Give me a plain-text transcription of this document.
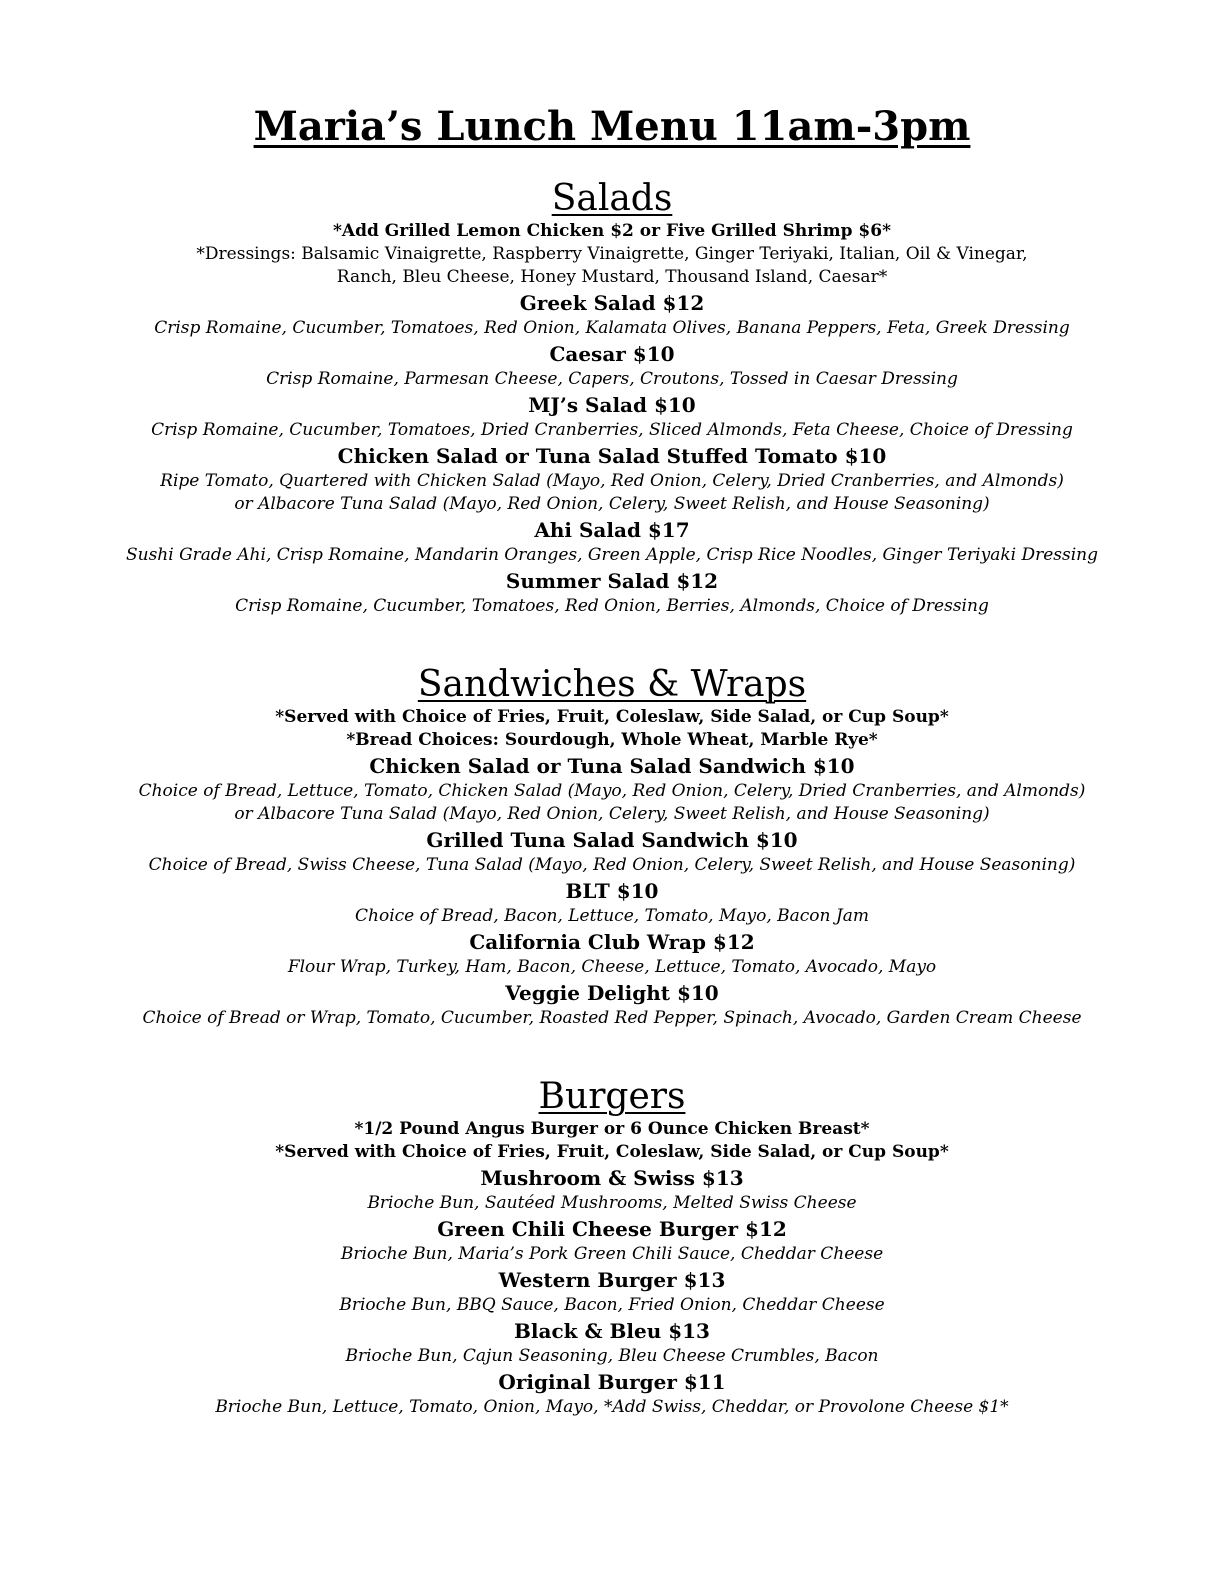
Maria’s Lunch Menu 11am-3pm
Salads

*Add Grilled Lemon Chicken $2 or Five Grilled Shrimp $6*

*Dressings: Balsamic Vinaigrette, Raspberry Vinaigrette, Ginger Teriyaki, Italian, Oil & Vinegar,

Ranch, Bleu Cheese, Honey Mustard, Thousand Island, Caesar*

Greek Salad $12

Crisp Romaine, Cucumber, Tomatoes, Red Onion, Kalamata Olives, Banana Peppers, Feta, Greek Dressing

Caesar $10

Crisp Romaine, Parmesan Cheese, Capers, Croutons, Tossed in Caesar Dressing

MJ’s Salad $10

Crisp Romaine, Cucumber, Tomatoes, Dried Cranberries, Sliced Almonds, Feta Cheese, Choice of Dressing

Chicken Salad or Tuna Salad Stuffed Tomato $10

Ripe Tomato, Quartered with Chicken Salad (Mayo, Red Onion, Celery, Dried Cranberries, and Almonds)
or Albacore Tuna Salad (Mayo, Red Onion, Celery, Sweet Relish, and House Seasoning)

Ahi Salad $17

Sushi Grade Ahi, Crisp Romaine, Mandarin Oranges, Green Apple, Crisp Rice Noodles, Ginger Teriyaki Dressing

Summer Salad $12

Crisp Romaine, Cucumber, Tomatoes, Red Onion, Berries, Almonds, Choice of Dressing

Sandwiches & Wraps

*Served with Choice of Fries, Fruit, Coleslaw, Side Salad, or Cup Soup*

*Bread Choices: Sourdough, Whole Wheat, Marble Rye*

Chicken Salad or Tuna Salad Sandwich $10

Choice of Bread, Lettuce, Tomato, Chicken Salad (Mayo, Red Onion, Celery, Dried Cranberries, and Almonds)
or Albacore Tuna Salad (Mayo, Red Onion, Celery, Sweet Relish, and House Seasoning)

Grilled Tuna Salad Sandwich $10

Choice of Bread, Swiss Cheese, Tuna Salad (Mayo, Red Onion, Celery, Sweet Relish, and House Seasoning)

BLT $10

Choice of Bread, Bacon, Lettuce, Tomato, Mayo, Bacon Jam

California Club Wrap $12

Flour Wrap, Turkey, Ham, Bacon, Cheese, Lettuce, Tomato, Avocado, Mayo

Veggie Delight $10

Choice of Bread or Wrap, Tomato, Cucumber, Roasted Red Pepper, Spinach, Avocado, Garden Cream Cheese

Burgers

*1/2 Pound Angus Burger or 6 Ounce Chicken Breast*

*Served with Choice of Fries, Fruit, Coleslaw, Side Salad, or Cup Soup*

Mushroom & Swiss $13

Brioche Bun, Sautéed Mushrooms, Melted Swiss Cheese

Green Chili Cheese Burger $12

Brioche Bun, Maria’s Pork Green Chili Sauce, Cheddar Cheese

Western Burger $13

Brioche Bun, BBQ Sauce, Bacon, Fried Onion, Cheddar Cheese

Black & Bleu $13

Brioche Bun, Cajun Seasoning, Bleu Cheese Crumbles, Bacon

Original Burger $11

Brioche Bun, Lettuce, Tomato, Onion, Mayo, *Add Swiss, Cheddar, or Provolone Cheese $1*
